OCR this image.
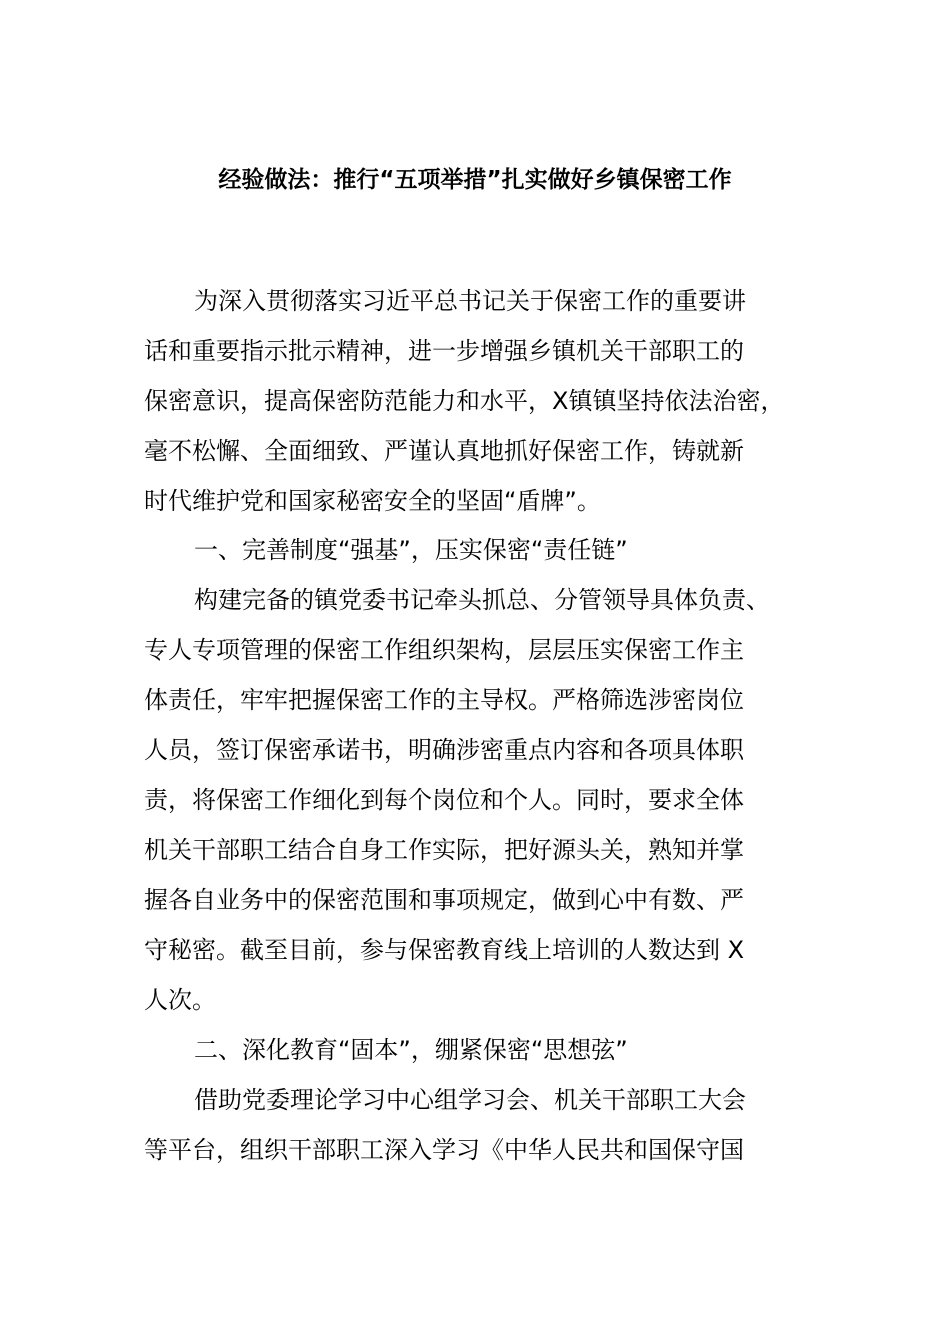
经验做法：推行“五项举措”扎实做好乡镇保密工作
为深入贯彻落实习近平总书记关于保密工作的重要讲
话和重要指示批示精神，进一步增强乡镇机关干部职工的
保密意识，提高保密防范能力和水平，X镇镇坚持依法治密，
毫不松懈、全面细致、严谨认真地抓好保密工作，铸就新
时代维护党和国家秘密安全的坚固“盾牌”。
一、完善制度“强基”，压实保密“责任链”
构建完备的镇党委书记牵头抓总、分管领导具体负责、
专人专项管理的保密工作组织架构，层层压实保密工作主
体责任，牢牢把握保密工作的主导权。严格筛选涉密岗位
人员，签订保密承诺书，明确涉密重点内容和各项具体职
责，将保密工作细化到每个岗位和个人。同时，要求全体
机关干部职工结合自身工作实际，把好源头关，熟知并掌
握各自业务中的保密范围和事项规定，做到心中有数、严
守秘密。截至目前，参与保密教育线上培训的人数达到 X
人次。
二、深化教育“固本”，绷紧保密“思想弦”
借助党委理论学习中心组学习会、机关干部职工大会
等平台，组织干部职工深入学习《中华人民共和国保守国
